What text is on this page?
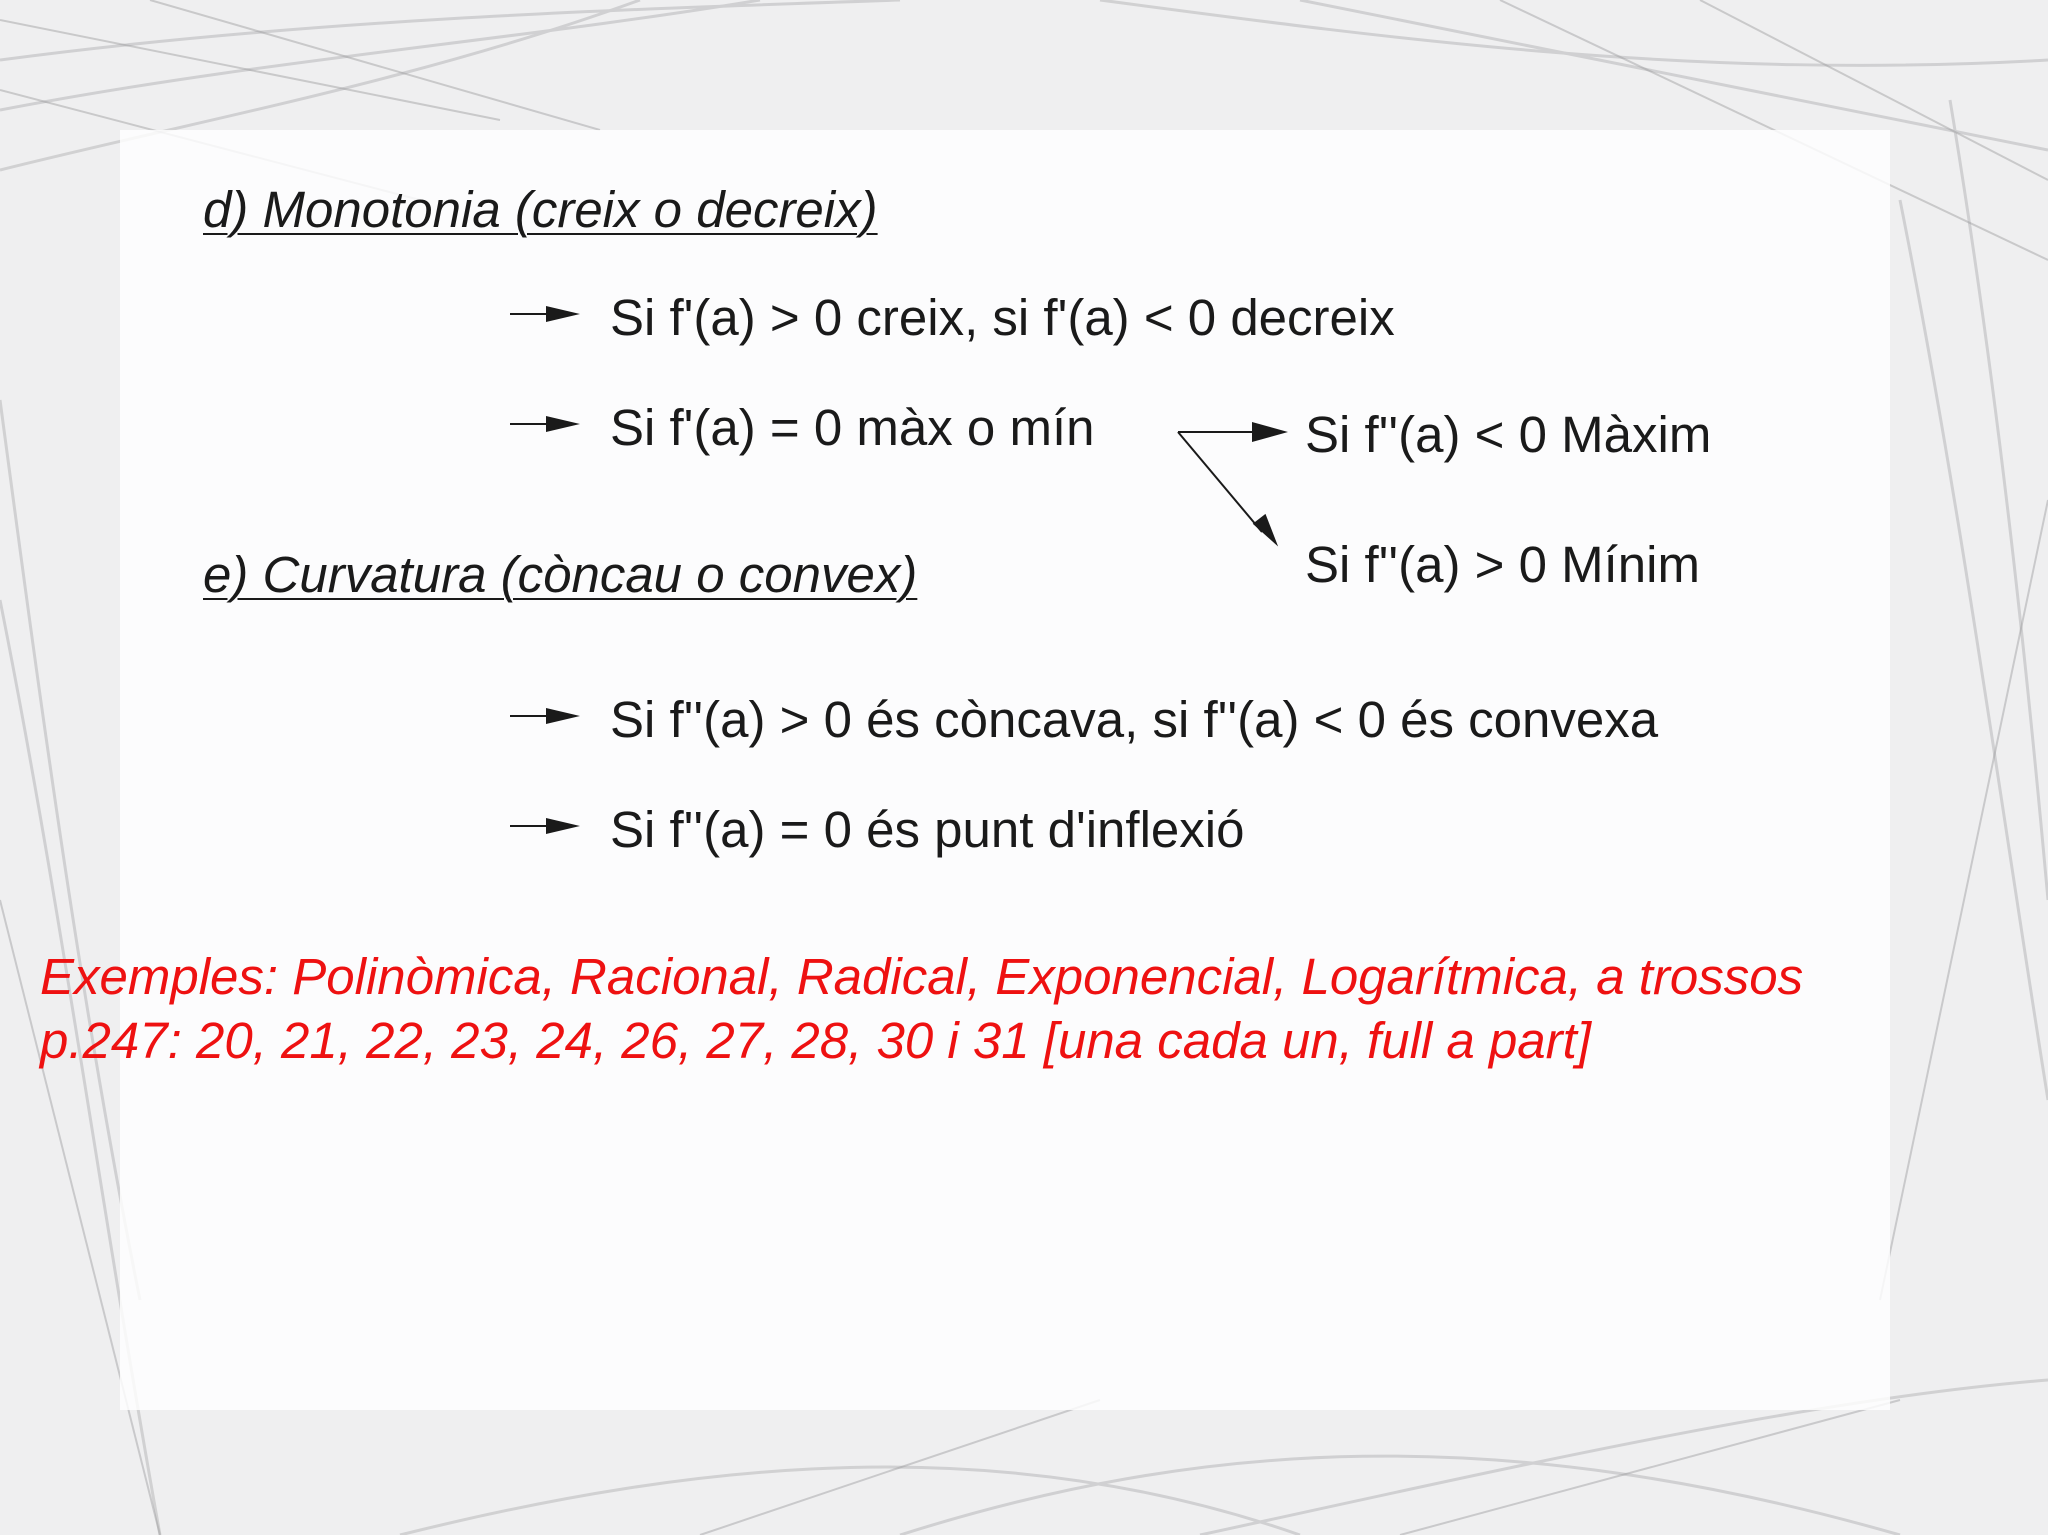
d) Monotonia (creix o decreix)
Si f'(a) > 0 creix, si f'(a) < 0 decreix
Si f'(a) = 0 màx o mín	Si f''(a) < 0 Màxim
Si f''(a) > 0 Mínim
e) Curvatura (còncau o convex)
Si f''(a) > 0 és còncava, si f''(a) < 0 és convexa
Si f''(a) = 0 és punt d'inflexió
Exemples: Polinòmica, Racional, Radical, Exponencial, Logarítmica, a trossos
p.247: 20, 21, 22, 23, 24, 26, 27, 28, 30 i 31 [una cada un, full a part]
